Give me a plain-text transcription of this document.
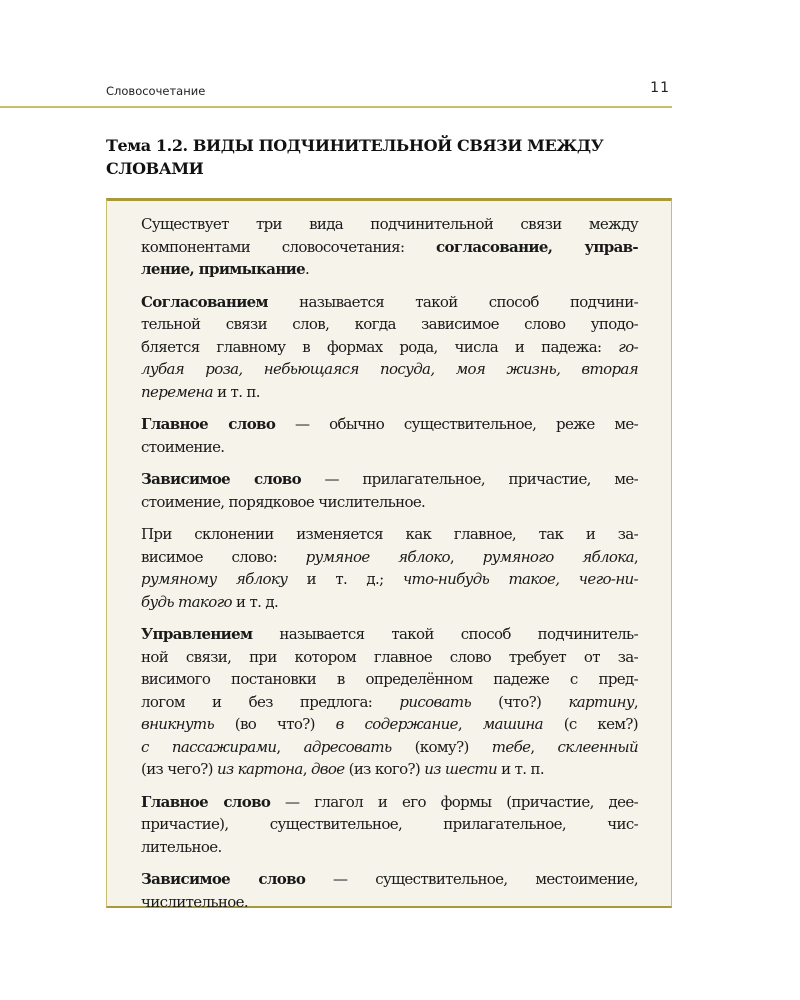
Словосочетание	11
Тема 1.2. ВИДЫ ПОДЧИНИТЕЛЬНОЙ СВЯЗИ МЕЖДУ
СЛОВАМИ
Существует три вида подчинительной связи между
компонентами словосочетания: согласование, управ-
ление, примыкание.
Согласованием называется такой способ подчини-
тельной связи слов, когда зависимое слово уподо-
бляется главному в формах рода, числа и падежа: го-
лубая роза, небьющаяся посуда, моя жизнь, вторая
перемена и т. п.
Главное слово — обычно существительное, реже ме-
стоимение.
Зависимое слово — прилагательное, причастие, ме-
стоимение, порядковое числительное.
При склонении изменяется как главное, так и за-
висимое слово: румяное яблоко, румяного яблока,
румяному яблоку и т. д.; что-нибудь такое, чего-ни-
будь такого и т. д.
Управлением называется такой способ подчинитель-
ной связи, при котором главное слово требует от за-
висимого постановки в определённом падеже с пред-
логом и без предлога: рисовать (что?) картину,
вникнуть (во что?) в содержание, машина (с кем?)
с пассажирами, адресовать (кому?) тебе, склеенный
(из чего?) из картона, двое (из кого?) из шести и т. п.
Главное слово — глагол и его формы (причастие, дее-
причастие), существительное, прилагательное, чис-
лительное.
Зависимое слово — существительное, местоимение,
числительное.
